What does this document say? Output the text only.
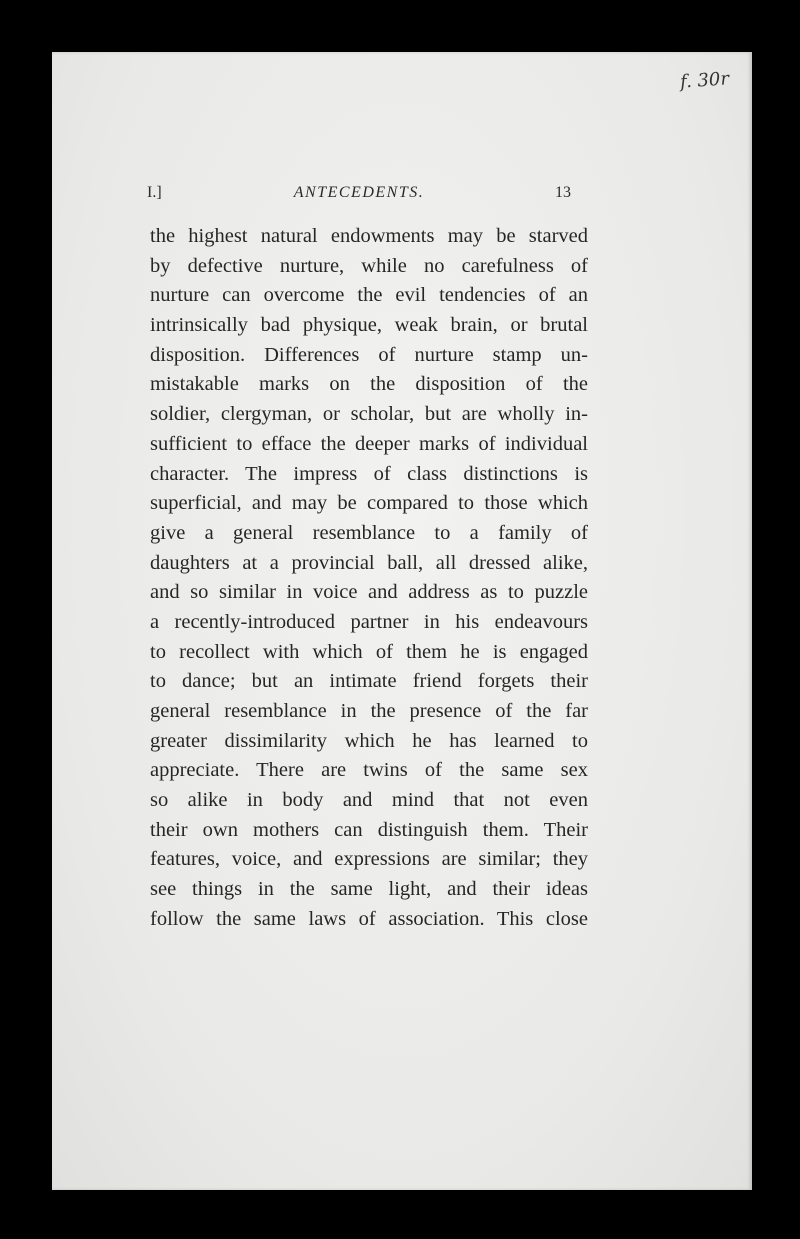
f. 30r
I.]	ANTECEDENTS.	13
the highest natural endowments may be starved
by defective nurture, while no carefulness of
nurture can overcome the evil tendencies of an
intrinsically bad physique, weak brain, or brutal
disposition. Differences of nurture stamp un-
mistakable marks on the disposition of the
soldier, clergyman, or scholar, but are wholly in-
sufficient to efface the deeper marks of individual
character. The impress of class distinctions is
superficial, and may be compared to those which
give a general resemblance to a family of
daughters at a provincial ball, all dressed alike,
and so similar in voice and address as to puzzle
a recently-introduced partner in his endeavours
to recollect with which of them he is engaged
to dance; but an intimate friend forgets their
general resemblance in the presence of the far
greater dissimilarity which he has learned to
appreciate. There are twins of the same sex
so alike in body and mind that not even
their own mothers can distinguish them. Their
features, voice, and expressions are similar; they
see things in the same light, and their ideas
follow the same laws of association. This close
